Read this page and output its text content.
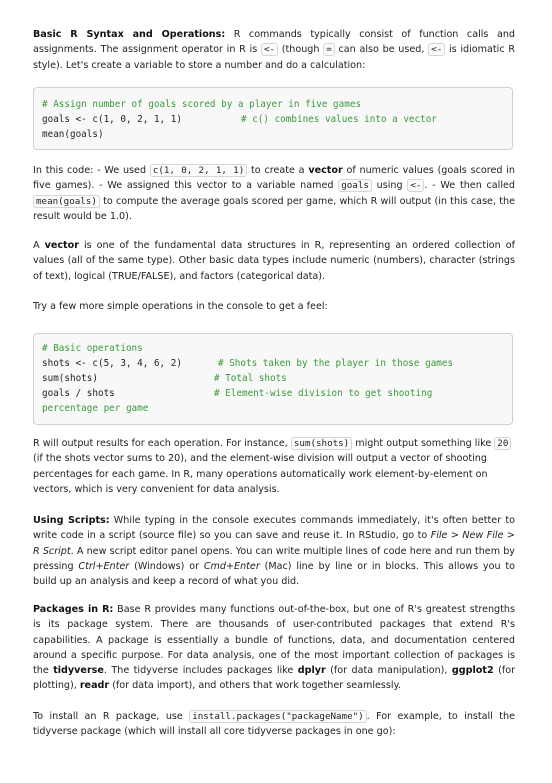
Basic R Syntax and Operations: R commands typically consist of function calls and assignments. The assignment operator in R is <- (though = can also be used, <- is idiomatic R style). Let's create a variable to store a number and do a calculation:

# Assign number of goals scored by a player in five games
goals <- c(1, 0, 2, 1, 1)	# c() combines values into a vector
mean(goals)

In this code: - We used c(1, 0, 2, 1, 1) to create a vector of numeric values (goals scored in five games). - We assigned this vector to a variable named goals using <- . - We then called mean(goals) to compute the average goals scored per game, which R will output (in this case, the result would be 1.0).

A vector is one of the fundamental data structures in R, representing an ordered collection of values (all of the same type). Other basic data types include numeric (numbers), character (strings of text), logical (TRUE/FALSE), and factors (categorical data).

Try a few more simple operations in the console to get a feel:

# Basic operations
shots <- c(5, 3, 4, 6, 2)	# Shots taken by the player in those games
sum(shots)	# Total shots
goals / shots	# Element-wise division to get shooting
percentage per game

R will output results for each operation. For instance, sum(shots) might output something like 20 (if the shots vector sums to 20), and the element-wise division will output a vector of shooting percentages for each game. In R, many operations automatically work element-by-element on vectors, which is very convenient for data analysis.

Using Scripts: While typing in the console executes commands immediately, it's often better to write code in a script (source file) so you can save and reuse it. In RStudio, go to File > New File > R Script. A new script editor panel opens. You can write multiple lines of code here and run them by pressing Ctrl+Enter (Windows) or Cmd+Enter (Mac) line by line or in blocks. This allows you to build up an analysis and keep a record of what you did.

Packages in R: Base R provides many functions out-of-the-box, but one of R's greatest strengths is its package system. There are thousands of user-contributed packages that extend R's capabilities. A package is essentially a bundle of functions, data, and documentation centered around a specific purpose. For data analysis, one of the most important collection of packages is the tidyverse. The tidyverse includes packages like dplyr (for data manipulation), ggplot2 (for plotting), readr (for data import), and others that work together seamlessly.

To install an R package, use install.packages("packageName") . For example, to install the tidyverse package (which will install all core tidyverse packages in one go):
